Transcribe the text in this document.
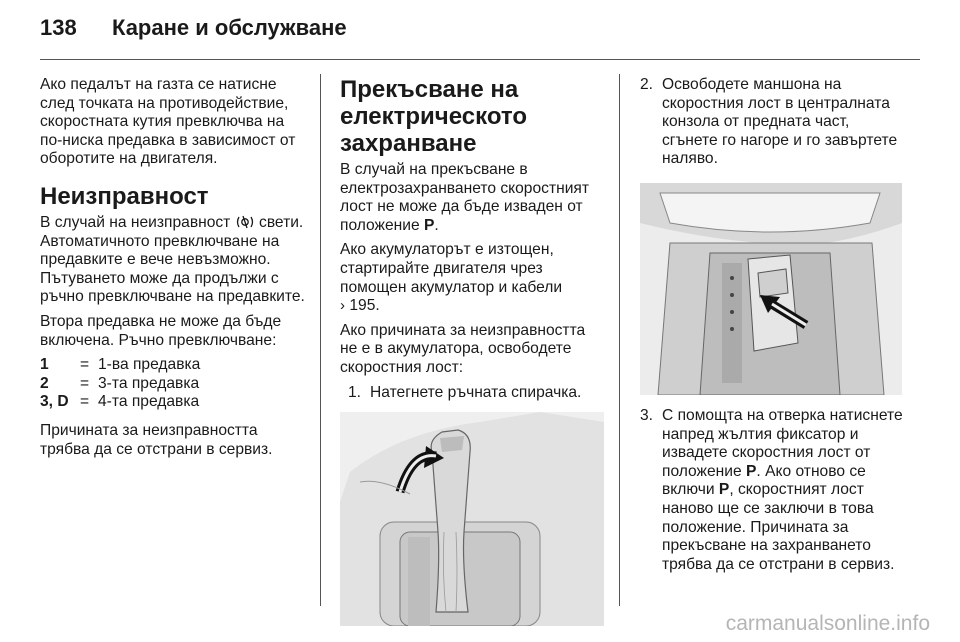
138	Каране и обслужване

Ако педалът на газта се натисне след точката на противодействие, скоростната кутия превключва на по-ниска предавка в зависимост от оборотите на двигателя.

Неизправност

В случай на неизправност свети. Автоматичното превключване на предавките е вече невъзможно. Пътуването може да продължи с ръчно превключване на предавките.

Втора предавка не може да бъде включена. Ръчно превключване:

1	= 1-ва предавка
2	= 3-та предавка
3, D = 4-та предавка

Причината за неизправността трябва да се отстрани в сервиз.

Прекъсване на електрическото захранване

В случай на прекъсване в електрозахранването скоростният лост не може да бъде изваден от положение P.

Ако акумулаторът е изтощен, стартирайте двигателя чрез помощен акумулатор и кабели
› 195.

Ако причината за неизправността не е в акумулатора, освободете скоростния лост:

1. Натегнете ръчната спирачка.
2. Освободете маншона на скоростния лост в централната конзола от предната част, сгънете го нагоре и го завъртете наляво.
3. С помощта на отверка натиснете напред жълтия фиксатор и извадете скоростния лост от положение P. Ако отново се включи P, скоростният лост наново ще се заключи в това положение. Причината за прекъсване на захранването трябва да се отстрани в сервиз.
carmanualsonline.info
